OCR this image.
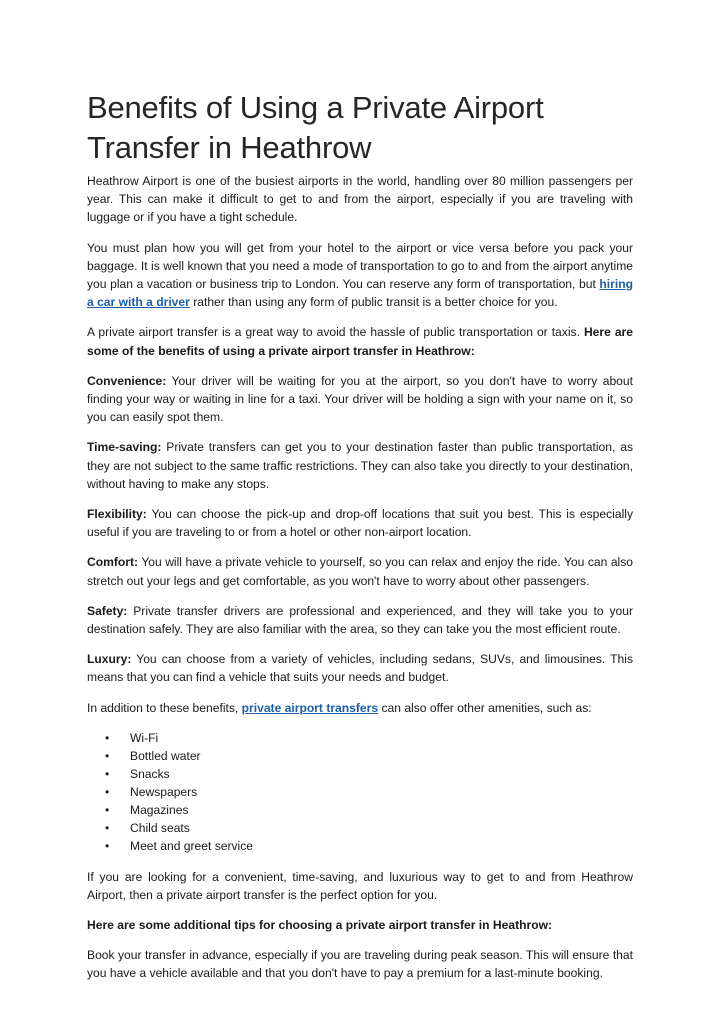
Benefits of Using a Private Airport
Transfer in Heathrow

Heathrow Airport is one of the busiest airports in the world, handling over 80 million passengers per year. This can make it difficult to get to and from the airport, especially if you are traveling with luggage or if you have a tight schedule.

You must plan how you will get from your hotel to the airport or vice versa before you pack your baggage. It is well known that you need a mode of transportation to go to and from the airport anytime you plan a vacation or business trip to London. You can reserve any form of transportation, but hiring a car with a driver rather than using any form of public transit is a better choice for you.

A private airport transfer is a great way to avoid the hassle of public transportation or taxis. Here are some of the benefits of using a private airport transfer in Heathrow:

Convenience: Your driver will be waiting for you at the airport, so you don't have to worry about finding your way or waiting in line for a taxi. Your driver will be holding a sign with your name on it, so you can easily spot them.

Time-saving: Private transfers can get you to your destination faster than public transportation, as they are not subject to the same traffic restrictions. They can also take you directly to your destination, without having to make any stops.

Flexibility: You can choose the pick-up and drop-off locations that suit you best. This is especially useful if you are traveling to or from a hotel or other non-airport location.

Comfort: You will have a private vehicle to yourself, so you can relax and enjoy the ride. You can also stretch out your legs and get comfortable, as you won't have to worry about other passengers.

Safety: Private transfer drivers are professional and experienced, and they will take you to your destination safely. They are also familiar with the area, so they can take you the most efficient route.

Luxury: You can choose from a variety of vehicles, including sedans, SUVs, and limousines. This means that you can find a vehicle that suits your needs and budget.

In addition to these benefits, private airport transfers can also offer other amenities, such as:

• Wi-Fi
• Bottled water
• Snacks
• Newspapers
• Magazines
• Child seats
• Meet and greet service

If you are looking for a convenient, time-saving, and luxurious way to get to and from Heathrow Airport, then a private airport transfer is the perfect option for you.

Here are some additional tips for choosing a private airport transfer in Heathrow:

Book your transfer in advance, especially if you are traveling during peak season. This will ensure that you have a vehicle available and that you don't have to pay a premium for a last-minute booking.
